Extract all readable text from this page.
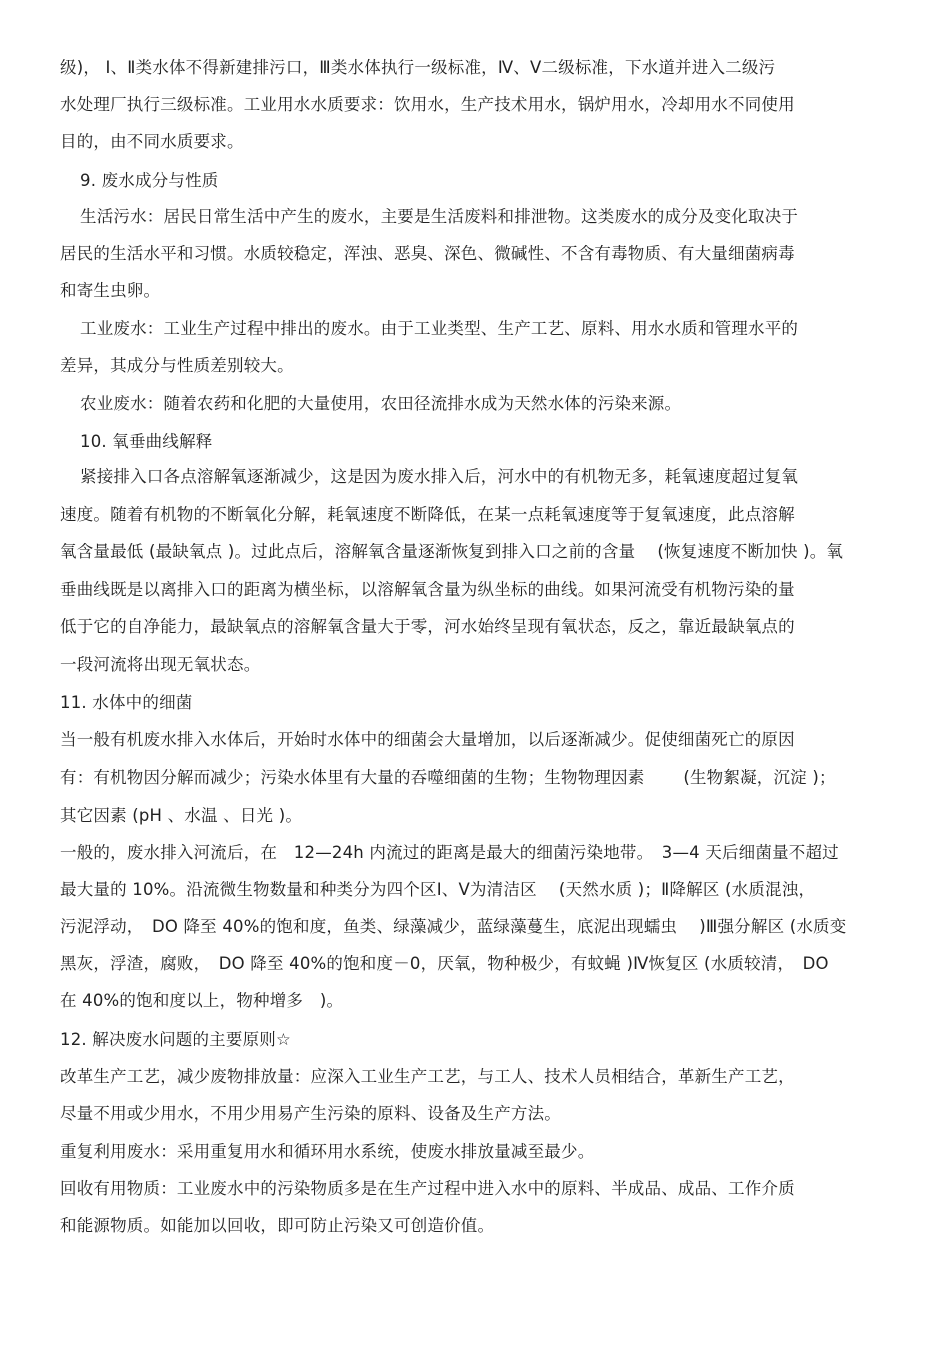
级)， Ⅰ、Ⅱ类水体不得新建排污口，Ⅲ类水体执行一级标准，Ⅳ、Ⅴ二级标准，下水道并进入二级污
水处理厂执行三级标准。工业用水水质要求：饮用水，生产技术用水，锅炉用水，冷却用水不同使用
目的，由不同水质要求。
9. 废水成分与性质
生活污水：居民日常生活中产生的废水，主要是生活废料和排泄物。这类废水的成分及变化取决于
居民的生活水平和习惯。水质较稳定，浑浊、恶臭、深色、微碱性、不含有毒物质、有大量细菌病毒
和寄生虫卵。
工业废水：工业生产过程中排出的废水。由于工业类型、生产工艺、原料、用水水质和管理水平的
差异，其成分与性质差别较大。
农业废水：随着农药和化肥的大量使用，农田径流排水成为天然水体的污染来源。
10. 氧垂曲线解释
紧接排入口各点溶解氧逐渐减少，这是因为废水排入后，河水中的有机物无多，耗氧速度超过复氧
速度。随着有机物的不断氧化分解，耗氧速度不断降低，在某一点耗氧速度等于复氧速度，此点溶解
氧含量最低 (最缺氧点 )。过此点后，溶解氧含量逐渐恢复到排入口之前的含量　 (恢复速度不断加快 )。氧
垂曲线既是以离排入口的距离为横坐标，以溶解氧含量为纵坐标的曲线。如果河流受有机物污染的量
低于它的自净能力，最缺氧点的溶解氧含量大于零，河水始终呈现有氧状态，反之，靠近最缺氧点的
一段河流将出现无氧状态。
11. 水体中的细菌
当一般有机废水排入水体后，开始时水体中的细菌会大量增加，以后逐渐减少。促使细菌死亡的原因
有：有机物因分解而减少；污染水体里有大量的吞噬细菌的生物；生物物理因素　　 (生物絮凝，沉淀 )；
其它因素 (pH 、水温 、日光 )。
一般的，废水排入河流后，在　12—24h 内流过的距离是最大的细菌污染地带。　3—4 天后细菌量不超过
最大量的 10%。沿流微生物数量和种类分为四个区Ⅰ、Ⅴ为清洁区　 (天然水质 )；Ⅱ降解区 (水质混浊，
污泥浮动，　DO 降至 40%的饱和度，鱼类、绿藻减少，蓝绿藻蔓生，底泥出现蠕虫　 )Ⅲ强分解区 (水质变
黑灰，浮渣，腐败，　DO 降至 40%的饱和度－0，厌氧，物种极少，有蚊蝇 )Ⅳ恢复区 (水质较清，　DO
在 40%的饱和度以上，物种增多　)。
12. 解决废水问题的主要原则☆
改革生产工艺，减少废物排放量：应深入工业生产工艺，与工人、技术人员相结合，革新生产工艺，
尽量不用或少用水，不用少用易产生污染的原料、设备及生产方法。
重复利用废水：采用重复用水和循环用水系统，使废水排放量减至最少。
回收有用物质：工业废水中的污染物质多是在生产过程中进入水中的原料、半成品、成品、工作介质
和能源物质。如能加以回收，即可防止污染又可创造价值。
